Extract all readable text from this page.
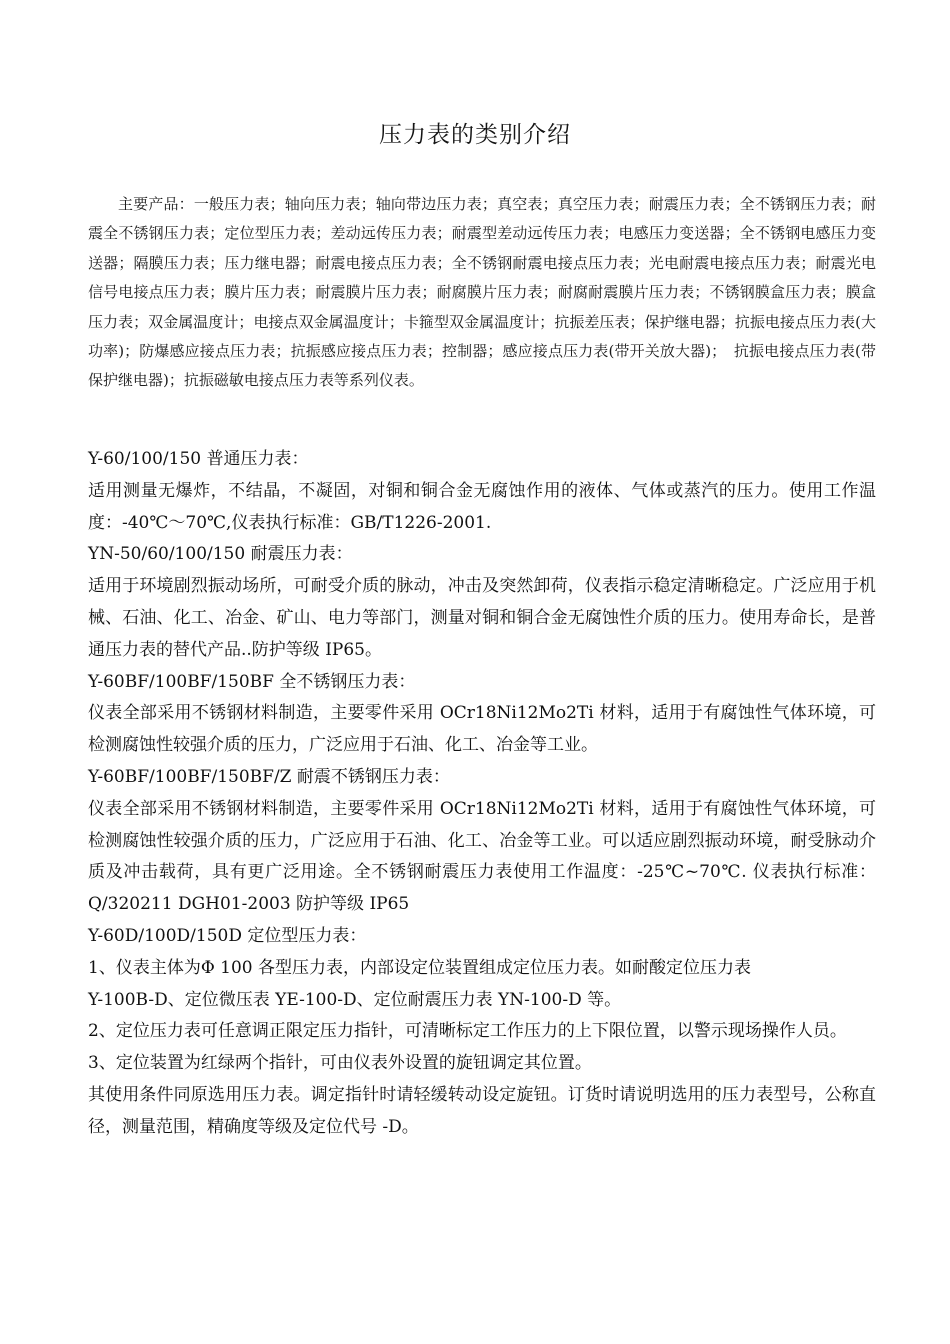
压力表的类别介绍

主要产品：一般压力表；轴向压力表；轴向带边压力表；真空表；真空压力表；耐震压力表；全不锈钢压力表；耐震全不锈钢压力表；定位型压力表；差动远传压力表；耐震型差动远传压力表；电感压力变送器；全不锈钢电感压力变送器；隔膜压力表；压力继电器；耐震电接点压力表；全不锈钢耐震电接点压力表；光电耐震电接点压力表；耐震光电信号电接点压力表；膜片压力表；耐震膜片压力表；耐腐膜片压力表；耐腐耐震膜片压力表；不锈钢膜盒压力表；膜盒压力表；双金属温度计；电接点双金属温度计；卡箍型双金属温度计；抗振差压表；保护继电器；抗振电接点压力表(大功率)；防爆感应接点压力表；抗振感应接点压力表；控制器；感应接点压力表(带开关放大器)；　抗振电接点压力表(带保护继电器)；抗振磁敏电接点压力表等系列仪表。

Y-60/100/150 普通压力表：

适用测量无爆炸，不结晶，不凝固，对铜和铜合金无腐蚀作用的液体、气体或蒸汽的压力。使用工作温度：-40℃～70℃,仪表执行标准：GB/T1226-2001.

YN-50/60/100/150 耐震压力表：

适用于环境剧烈振动场所，可耐受介质的脉动，冲击及突然卸荷，仪表指示稳定清晰稳定。广泛应用于机械、石油、化工、冶金、矿山、电力等部门，测量对铜和铜合金无腐蚀性介质的压力。使用寿命长，是普通压力表的替代产品..防护等级 IP65。

Y-60BF/100BF/150BF 全不锈钢压力表：

仪表全部采用不锈钢材料制造，主要零件采用 OCr18Ni12Mo2Ti 材料，适用于有腐蚀性气体环境，可检测腐蚀性较强介质的压力，广泛应用于石油、化工、冶金等工业。

Y-60BF/100BF/150BF/Z 耐震不锈钢压力表：

仪表全部采用不锈钢材料制造，主要零件采用 OCr18Ni12Mo2Ti 材料，适用于有腐蚀性气体环境，可检测腐蚀性较强介质的压力，广泛应用于石油、化工、冶金等工业。可以适应剧烈振动环境，耐受脉动介质及冲击载荷，具有更广泛用途。全不锈钢耐震压力表使用工作温度：-25℃~70℃. 仪表执行标准：Q/320211 DGH01-2003 防护等级 IP65

Y-60D/100D/150D 定位型压力表：

1、仪表主体为Φ 100 各型压力表，内部设定位装置组成定位压力表。如耐酸定位压力表

Y-100B-D、定位微压表 YE-100-D、定位耐震压力表 YN-100-D 等。

2、定位压力表可任意调正限定压力指针，可清晰标定工作压力的上下限位置，以警示现场操作人员。

3、定位装置为红绿两个指针，可由仪表外设置的旋钮调定其位置。

其使用条件同原选用压力表。调定指针时请轻缓转动设定旋钮。订货时请说明选用的压力表型号，公称直径，测量范围，精确度等级及定位代号 -D。
